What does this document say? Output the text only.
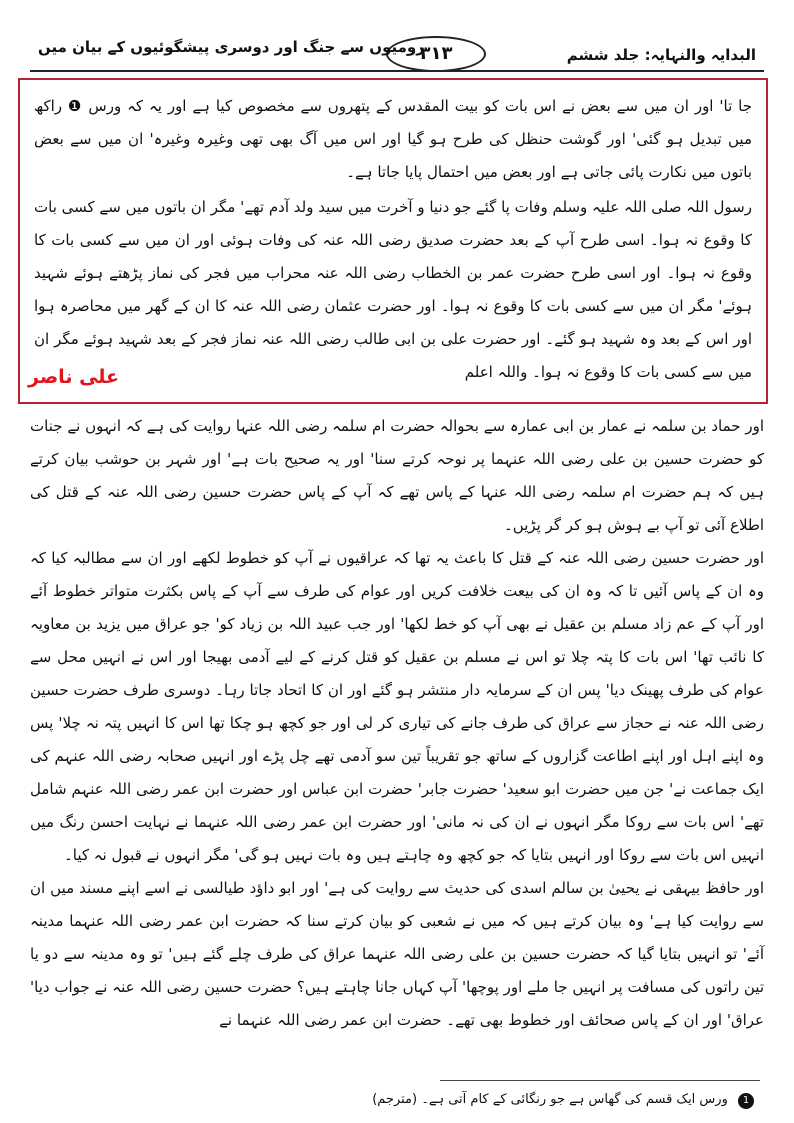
البدایہ والنہایہ: جلد ششم
۳۱۳
رومیوں سے جنگ اور دوسری پیشگوئیوں کے بیان میں

جا تا' اور ان میں سے بعض نے اس بات کو بیت المقدس کے پتھروں سے مخصوص کیا ہے اور یہ کہ ورس ❶ راکھ میں تبدیل ہو گئی' اور گوشت حنظل کی طرح ہو گیا اور اس میں آگ بھی تھی وغیرہ وغیرہ' ان میں سے بعض باتوں میں نکارت پائی جاتی ہے اور بعض میں احتمال پایا جاتا ہے۔

رسول اللہ صلی اللہ علیہ وسلم وفات پا گئے جو دنیا و آخرت میں سید ولد آدم تھے' مگر ان باتوں میں سے کسی بات کا وقوع نہ ہوا۔ اسی طرح آپ کے بعد حضرت صدیق رضی اللہ عنہ کی وفات ہوئی اور ان میں سے کسی بات کا وقوع نہ ہوا۔ اور اسی طرح حضرت عمر بن الخطاب رضی اللہ عنہ محراب میں فجر کی نماز پڑھتے ہوئے شہید ہوئے' مگر ان میں سے کسی بات کا وقوع نہ ہوا۔ اور حضرت عثمان رضی اللہ عنہ کا ان کے گھر میں محاصرہ ہوا اور اس کے بعد وہ شہید ہو گئے۔ اور حضرت علی بن ابی طالب رضی اللہ عنہ نماز فجر کے بعد شہید ہوئے مگر ان میں سے کسی بات کا وقوع نہ ہوا۔ واللہ اعلم

علی ناصر

اور حماد بن سلمہ نے عمار بن ابی عمارہ سے بحوالہ حضرت ام سلمہ رضی اللہ عنہا روایت کی ہے کہ انہوں نے جنات کو حضرت حسین بن علی رضی اللہ عنہما پر نوحہ کرتے سنا' اور یہ صحیح بات ہے' اور شہر بن حوشب بیان کرتے ہیں کہ ہم حضرت ام سلمہ رضی اللہ عنہا کے پاس تھے کہ آپ کے پاس حضرت حسین رضی اللہ عنہ کے قتل کی اطلاع آئی تو آپ بے ہوش ہو کر گر پڑیں۔

اور حضرت حسین رضی اللہ عنہ کے قتل کا باعث یہ تھا کہ عراقیوں نے آپ کو خطوط لکھے اور ان سے مطالبہ کیا کہ وہ ان کے پاس آئیں تا کہ وہ ان کی بیعت خلافت کریں اور عوام کی طرف سے آپ کے پاس بکثرت متواتر خطوط آئے اور آپ کے عم زاد مسلم بن عقیل نے بھی آپ کو خط لکھا' اور جب عبید اللہ بن زیاد کو' جو عراق میں یزید بن معاویہ کا نائب تھا' اس بات کا پتہ چلا تو اس نے مسلم بن عقیل کو قتل کرنے کے لیے آدمی بھیجا اور اس نے انہیں محل سے عوام کی طرف پھینک دیا' پس ان کے سرمایہ دار منتشر ہو گئے اور ان کا اتحاد جاتا رہا۔ دوسری طرف حضرت حسین رضی اللہ عنہ نے حجاز سے عراق کی طرف جانے کی تیاری کر لی اور جو کچھ ہو چکا تھا اس کا انہیں پتہ نہ چلا' پس وہ اپنے اہل اور اپنے اطاعت گزاروں کے ساتھ جو تقریباً تین سو آدمی تھے چل پڑے اور انہیں صحابہ رضی اللہ عنہم کی ایک جماعت نے' جن میں حضرت ابو سعید' حضرت جابر' حضرت ابن عباس اور حضرت ابن عمر رضی اللہ عنہم شامل تھے' اس بات سے روکا مگر انہوں نے ان کی نہ مانی' اور حضرت ابن عمر رضی اللہ عنہما نے نہایت احسن رنگ میں انہیں اس بات سے روکا اور انہیں بتایا کہ جو کچھ وہ چاہتے ہیں وہ بات نہیں ہو گی' مگر انہوں نے قبول نہ کیا۔

اور حافظ بیہقی نے یحییٰ بن سالم اسدی کی حدیث سے روایت کی ہے' اور ابو داؤد طیالسی نے اسے اپنے مسند میں ان سے روایت کیا ہے' وہ بیان کرتے ہیں کہ میں نے شعبی کو بیان کرتے سنا کہ حضرت ابن عمر رضی اللہ عنہما مدینہ آئے' تو انہیں بتایا گیا کہ حضرت حسین بن علی رضی اللہ عنہما عراق کی طرف چلے گئے ہیں' تو وہ مدینہ سے دو یا تین راتوں کی مسافت پر انہیں جا ملے اور پوچھا' آپ کہاں جانا چاہتے ہیں؟ حضرت حسین رضی اللہ عنہ نے جواب دیا' عراق' اور ان کے پاس صحائف اور خطوط بھی تھے۔ حضرت ابن عمر رضی اللہ عنہما نے

1 ورس ایک قسم کی گھاس ہے جو رنگائی کے کام آتی ہے۔ (مترجم)
